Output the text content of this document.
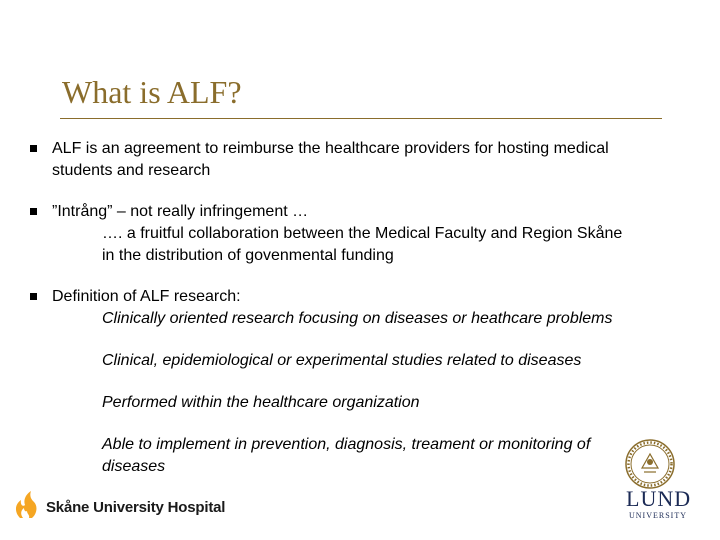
What is ALF?
ALF is an agreement to reimburse the healthcare providers for hosting medical
students and research
”Intrång” – not really infringement …
…. a fruitful collaboration between the Medical Faculty and Region Skåne
in the distribution of govenmental funding
Definition of ALF research:
Clinically oriented research focusing on diseases or heathcare problems
Clinical, epidemiological or experimental studies related to diseases
Performed within the healthcare organization
Able to implement in prevention, diagnosis, treament or monitoring of
diseases
Skåne University Hospital	LUND
UNIVERSITY
